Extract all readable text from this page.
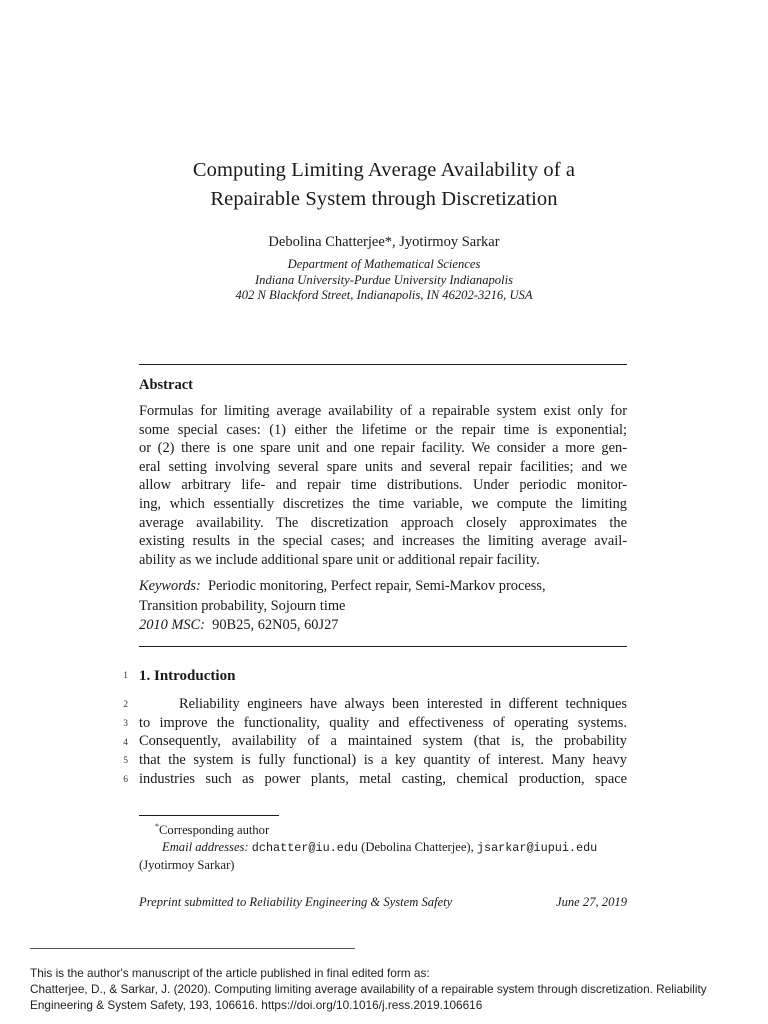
Computing Limiting Average Availability of a
Repairable System through Discretization
Debolina Chatterjee*, Jyotirmoy Sarkar
Department of Mathematical Sciences
Indiana University-Purdue University Indianapolis
402 N Blackford Street, Indianapolis, IN 46202-3216, USA
Abstract
Formulas for limiting average availability of a repairable system exist only for
some special cases: (1) either the lifetime or the repair time is exponential;
or (2) there is one spare unit and one repair facility. We consider a more gen-
eral setting involving several spare units and several repair facilities; and we
allow arbitrary life- and repair time distributions. Under periodic monitor-
ing, which essentially discretizes the time variable, we compute the limiting
average availability. The discretization approach closely approximates the
existing results in the special cases; and increases the limiting average avail-
ability as we include additional spare unit or additional repair facility.
Keywords: Periodic monitoring, Perfect repair, Semi-Markov process,
Transition probability, Sojourn time
2010 MSC: 90B25, 62N05, 60J27
1
2
3
4
5
6
1. Introduction
Reliability engineers have always been interested in different techniques
to improve the functionality, quality and effectiveness of operating systems.
Consequently, availability of a maintained system (that is, the probability
that the system is fully functional) is a key quantity of interest. Many heavy
industries such as power plants, metal casting, chemical production, space
*Corresponding author
Email addresses: dchatter@iu.edu (Debolina Chatterjee), jsarkar@iupui.edu
(Jyotirmoy Sarkar)
Preprint submitted to Reliability Engineering & System Safety	June 27, 2019
This is the author's manuscript of the article published in final edited form as:
Chatterjee, D., & Sarkar, J. (2020). Computing limiting average availability of a repairable system through discretization. Reliability
Engineering & System Safety, 193, 106616. https://doi.org/10.1016/j.ress.2019.106616
